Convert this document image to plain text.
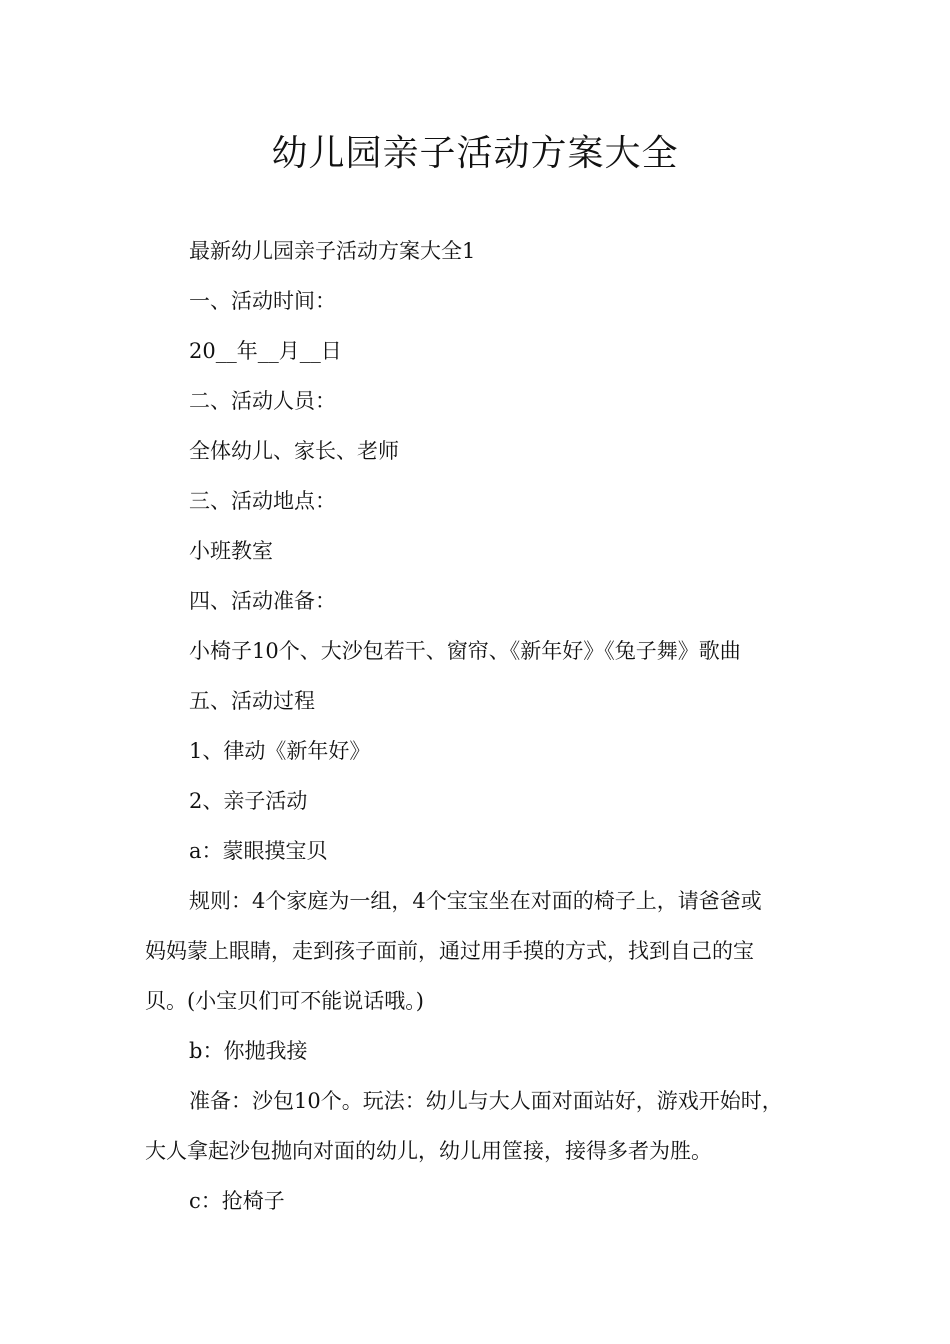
幼儿园亲子活动方案大全
最新幼儿园亲子活动方案大全1
一、活动时间：
20__年__月__日
二、活动人员：
全体幼儿、家长、老师
三、活动地点：
小班教室
四、活动准备：
小椅子10个、大沙包若干、窗帘、《新年好》《兔子舞》歌曲
五、活动过程
1、律动《新年好》
2、亲子活动
a：蒙眼摸宝贝
规则：4个家庭为一组，4个宝宝坐在对面的椅子上，请爸爸或
妈妈蒙上眼睛，走到孩子面前，通过用手摸的方式，找到自己的宝
贝。(小宝贝们可不能说话哦。)
b：你抛我接
准备：沙包10个。玩法：幼儿与大人面对面站好，游戏开始时，
大人拿起沙包抛向对面的幼儿，幼儿用筐接，接得多者为胜。
c：抢椅子
